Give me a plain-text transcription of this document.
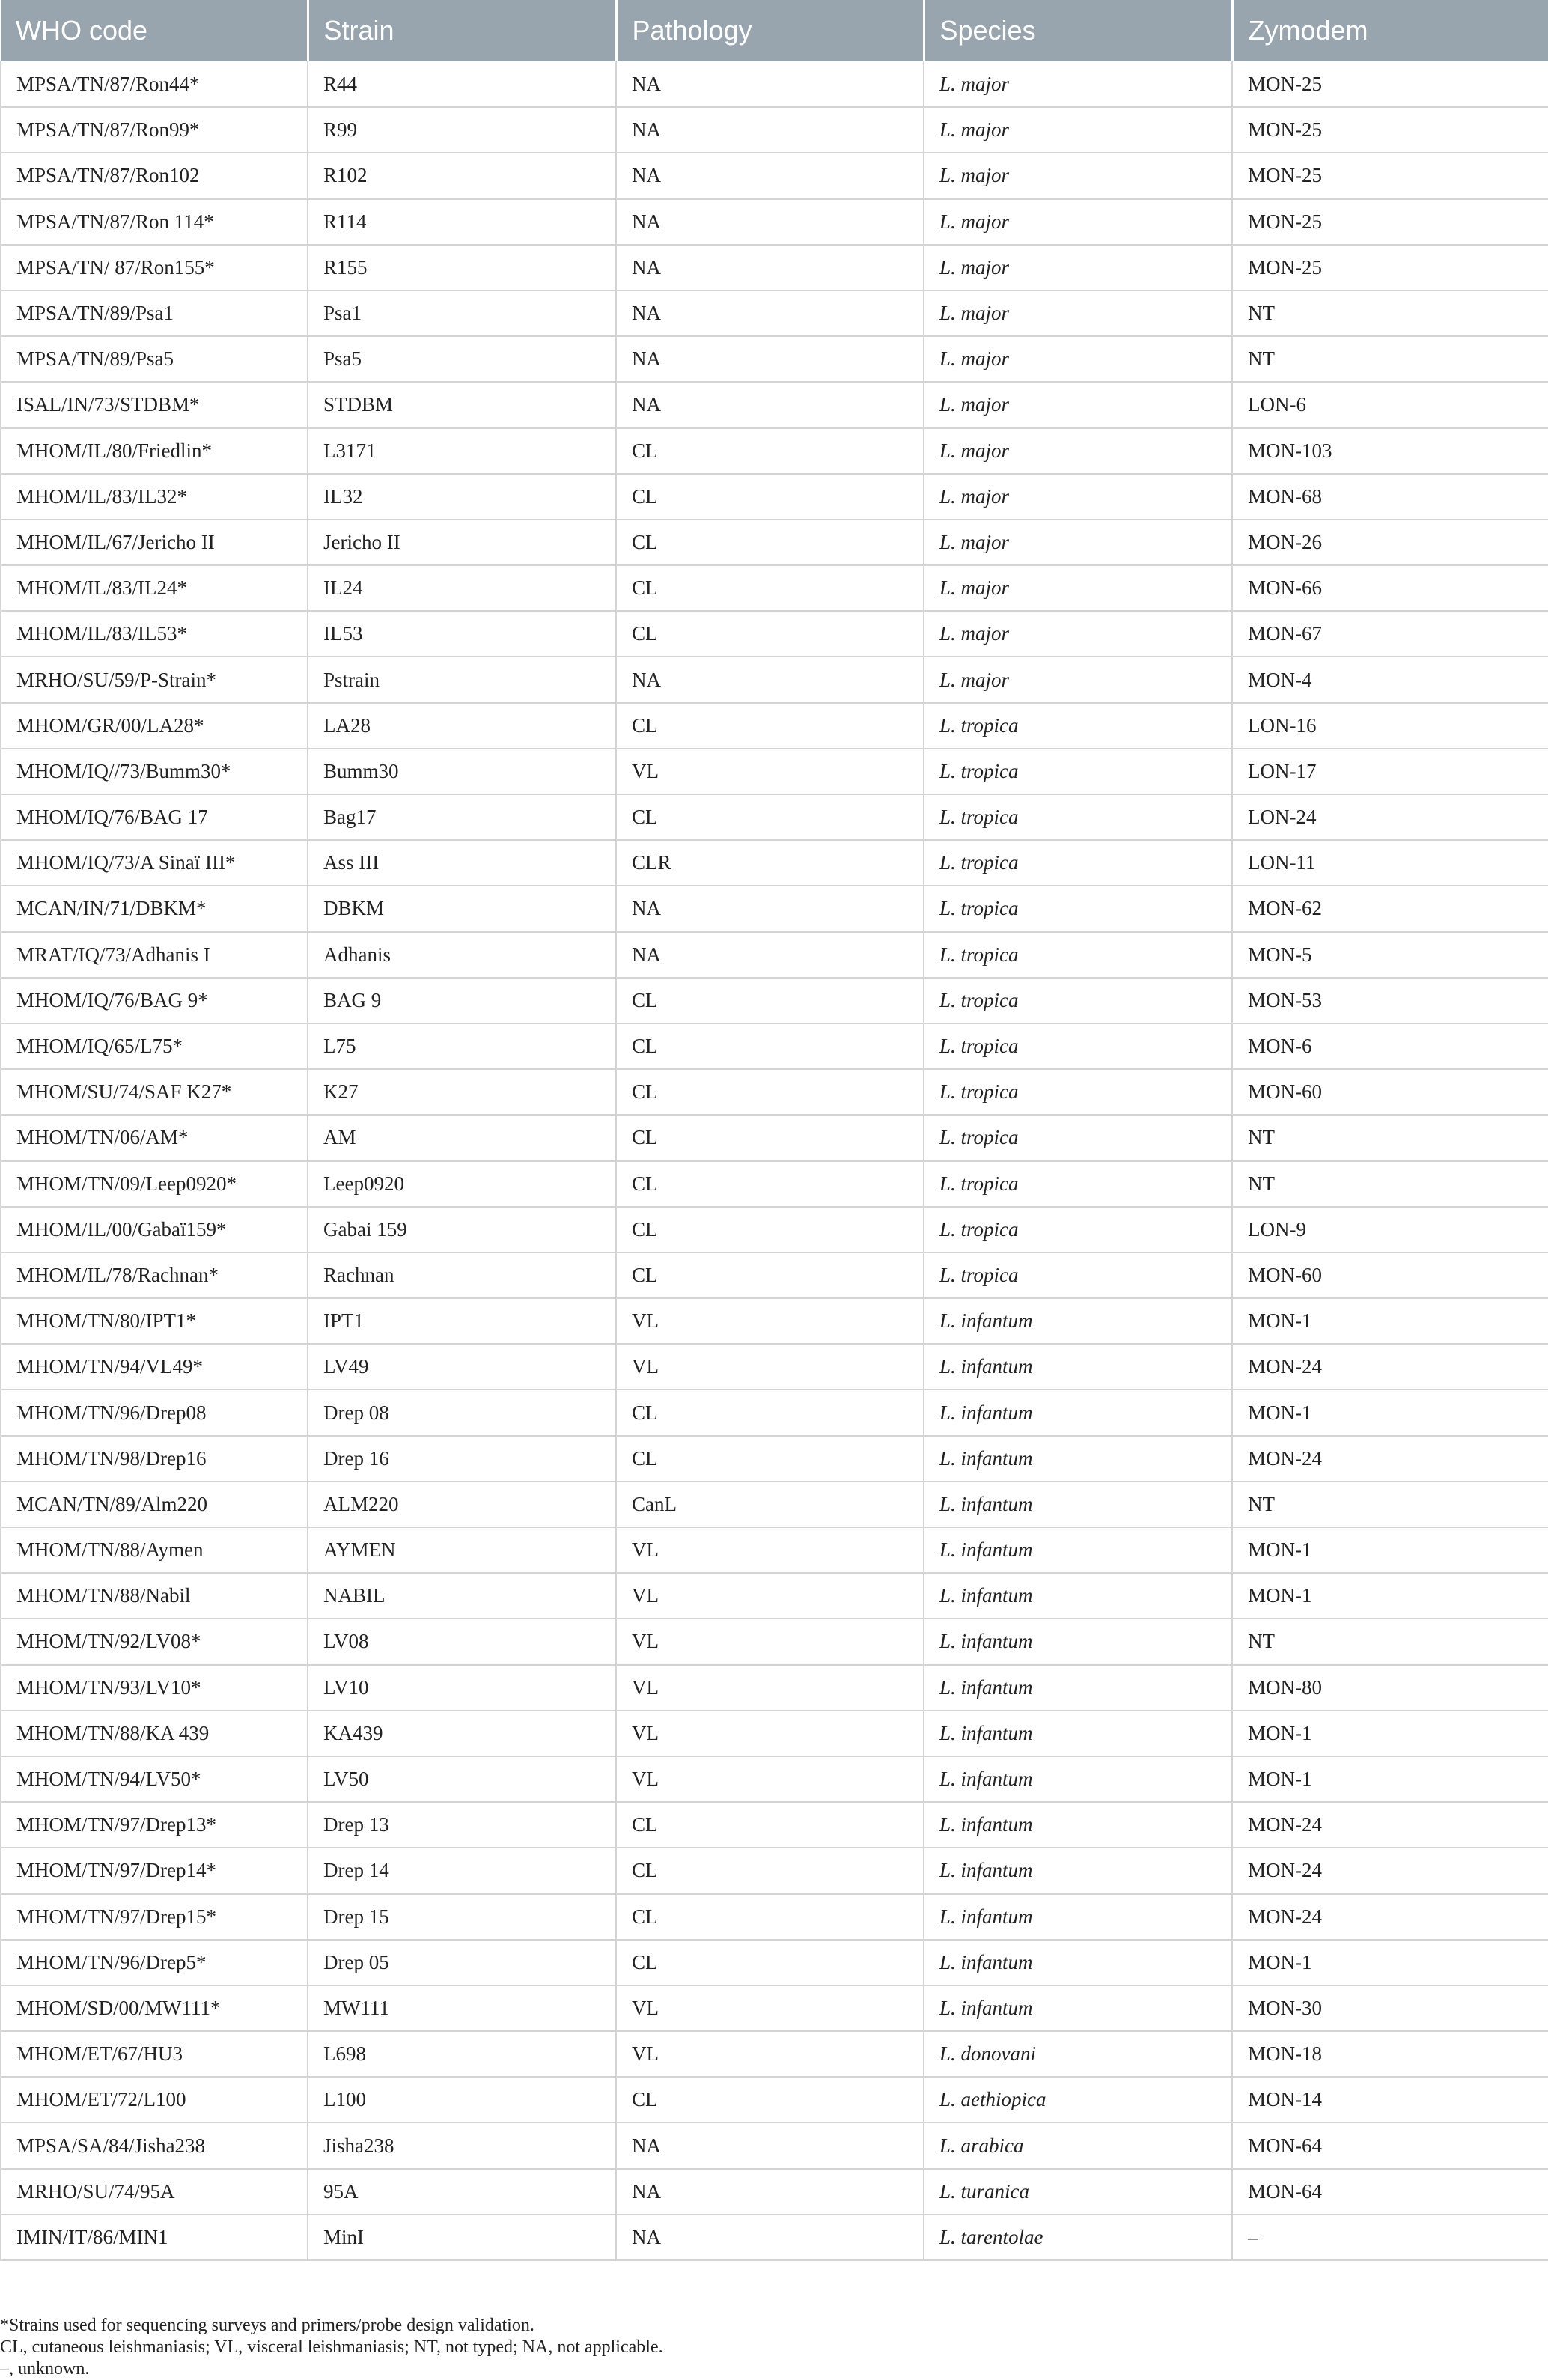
WHO code	Strain	Pathology	Species	Zymodem
MPSA/TN/87/Ron44*	R44	NA	L. major	MON-25
MPSA/TN/87/Ron99*	R99	NA	L. major	MON-25
MPSA/TN/87/Ron102	R102	NA	L. major	MON-25
MPSA/TN/87/Ron 114*	R114	NA	L. major	MON-25
MPSA/TN/ 87/Ron155*	R155	NA	L. major	MON-25
MPSA/TN/89/Psa1	Psa1	NA	L. major	NT
MPSA/TN/89/Psa5	Psa5	NA	L. major	NT
ISAL/IN/73/STDBM*	STDBM	NA	L. major	LON-6
MHOM/IL/80/Friedlin*	L3171	CL	L. major	MON-103
MHOM/IL/83/IL32*	IL32	CL	L. major	MON-68
MHOM/IL/67/Jericho II	Jericho II	CL	L. major	MON-26
MHOM/IL/83/IL24*	IL24	CL	L. major	MON-66
MHOM/IL/83/IL53*	IL53	CL	L. major	MON-67
MRHO/SU/59/P-Strain*	Pstrain	NA	L. major	MON-4
MHOM/GR/00/LA28*	LA28	CL	L. tropica	LON-16
MHOM/IQ//73/Bumm30*	Bumm30	VL	L. tropica	LON-17
MHOM/IQ/76/BAG 17	Bag17	CL	L. tropica	LON-24
MHOM/IQ/73/A Sinaï III*	Ass III	CLR	L. tropica	LON-11
MCAN/IN/71/DBKM*	DBKM	NA	L. tropica	MON-62
MRAT/IQ/73/Adhanis I	Adhanis	NA	L. tropica	MON-5
MHOM/IQ/76/BAG 9*	BAG 9	CL	L. tropica	MON-53
MHOM/IQ/65/L75*	L75	CL	L. tropica	MON-6
MHOM/SU/74/SAF K27*	K27	CL	L. tropica	MON-60
MHOM/TN/06/AM*	AM	CL	L. tropica	NT
MHOM/TN/09/Leep0920*	Leep0920	CL	L. tropica	NT
MHOM/IL/00/Gabaï159*	Gabai 159	CL	L. tropica	LON-9
MHOM/IL/78/Rachnan*	Rachnan	CL	L. tropica	MON-60
MHOM/TN/80/IPT1*	IPT1	VL	L. infantum	MON-1
MHOM/TN/94/VL49*	LV49	VL	L. infantum	MON-24
MHOM/TN/96/Drep08	Drep 08	CL	L. infantum	MON-1
MHOM/TN/98/Drep16	Drep 16	CL	L. infantum	MON-24
MCAN/TN/89/Alm220	ALM220	CanL	L. infantum	NT
MHOM/TN/88/Aymen	AYMEN	VL	L. infantum	MON-1
MHOM/TN/88/Nabil	NABIL	VL	L. infantum	MON-1
MHOM/TN/92/LV08*	LV08	VL	L. infantum	NT
MHOM/TN/93/LV10*	LV10	VL	L. infantum	MON-80
MHOM/TN/88/KA 439	KA439	VL	L. infantum	MON-1
MHOM/TN/94/LV50*	LV50	VL	L. infantum	MON-1
MHOM/TN/97/Drep13*	Drep 13	CL	L. infantum	MON-24
MHOM/TN/97/Drep14*	Drep 14	CL	L. infantum	MON-24
MHOM/TN/97/Drep15*	Drep 15	CL	L. infantum	MON-24
MHOM/TN/96/Drep5*	Drep 05	CL	L. infantum	MON-1
MHOM/SD/00/MW111*	MW111	VL	L. infantum	MON-30
MHOM/ET/67/HU3	L698	VL	L. donovani	MON-18
MHOM/ET/72/L100	L100	CL	L. aethiopica	MON-14
MPSA/SA/84/Jisha238	Jisha238	NA	L. arabica	MON-64
MRHO/SU/74/95A	95A	NA	L. turanica	MON-64
IMIN/IT/86/MIN1	MinI	NA	L. tarentolae	–
*Strains used for sequencing surveys and primers/probe design validation.
CL, cutaneous leishmaniasis; VL, visceral leishmaniasis; NT, not typed; NA, not applicable.
–, unknown.
